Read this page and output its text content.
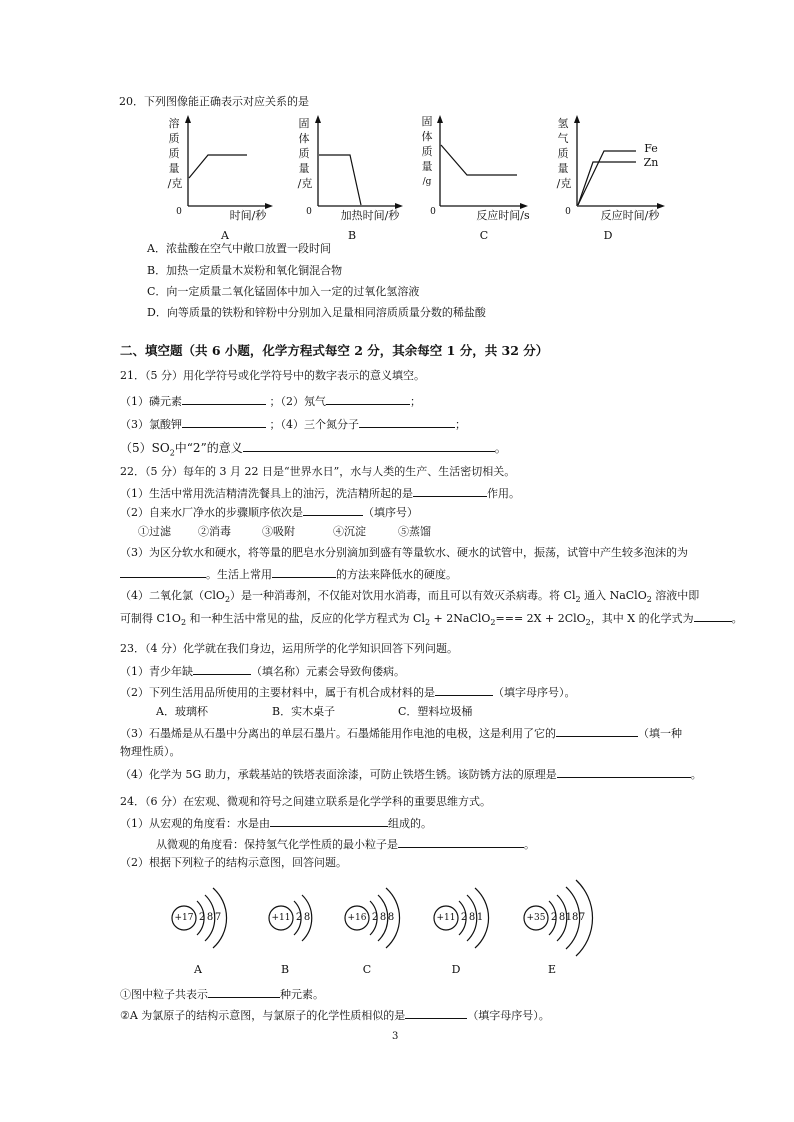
20．下列图像能正确表示对应关系的是
溶
质
质
量
/克
0	时间/秒
A
固
体
质
量
/克
0	加热时间/秒
B
固
体
质
量
/g
0	反应时间/s
C
氢
气
质
量
/克
0
Fe
Zn
反应时间/秒
D
A．浓盐酸在空气中敞口放置一段时间
B．加热一定质量木炭粉和氧化铜混合物
C．向一定质量二氧化锰固体中加入一定的过氧化氢溶液
D．向等质量的铁粉和锌粉中分别加入足量相同溶质质量分数的稀盐酸
二、填空题（共 6 小题，化学方程式每空 2 分，其余每空 1 分，共 32 分）
21．（5 分）用化学符号或化学符号中的数字表示的意义填空。
（1）磷元素	；（2）氖气	；
（3）氯酸钾	；（4）三个氮分子	；
$(5)SO_2$中“2”的意义	。
22．（5 分）每年的 3 月 22 日是“世界水日”，水与人类的生产、生活密切相关。
（1）生活中常用洗洁精清洗餐具上的油污，洗洁精所起的是	作用。
（2）自来水厂净水的步骤顺序依次是	（填序号）
①过滤 ②消毒	③吸附	④沉淀	⑤蒸馏
（3）为区分软水和硬水，将等量的肥皂水分别滴加到盛有等量软水、硬水的试管中，振荡，试管中产生较多泡沫的为
。生活上常用	的方法来降低水的硬度。
（4）二氧化氯（ClO$_2$）是一种消毒剂，不仅能对饮用水消毒，而且可以有效灭杀病毒。将 $Cl_2$ 通入 NaClO$_2$ 溶液中即
可制得 $C1O_2$ 和一种生活中常见的盐，反应的化学方程式为 $Cl_2$ + 2NaClO$_2$=== 2X + 2ClO$_2$，其中 X 的化学式为	。
23．（4 分）化学就在我们身边，运用所学的化学知识回答下列问题。
（1）青少年缺	（填名称）元素会导致佝偻病。
（2）下列生活用品所使用的主要材料中，属于有机合成材料的是	（填字母序号）。
A．玻璃杯	B．实木桌子	C．塑料垃圾桶
（3）石墨烯是从石墨中分离出的单层石墨片。石墨烯能用作电池的电极，这是利用了它的	（填一种
物理性质）。
（4）化学为 5G 助力，承载基站的铁塔表面涂漆，可防止铁塔生锈。该防锈方法的原理是	。
24．（6 分）在宏观、微观和符号之间建立联系是化学学科的重要思维方式。
（1）从宏观的角度看：水是由	组成的。
从微观的角度看：保持氢气化学性质的最小粒子是	。
（2）根据下列粒子的结构示意图，回答问题。
+17 2 8 7
A
+11 2 8
B
+16 2 8 8
C
+11 2 8 1
D
+35 2 8 18 7
E
①图中粒子共表示	种元素。
②A 为氯原子的结构示意图，与氯原子的化学性质相似的是	（填字母序号）。
3
